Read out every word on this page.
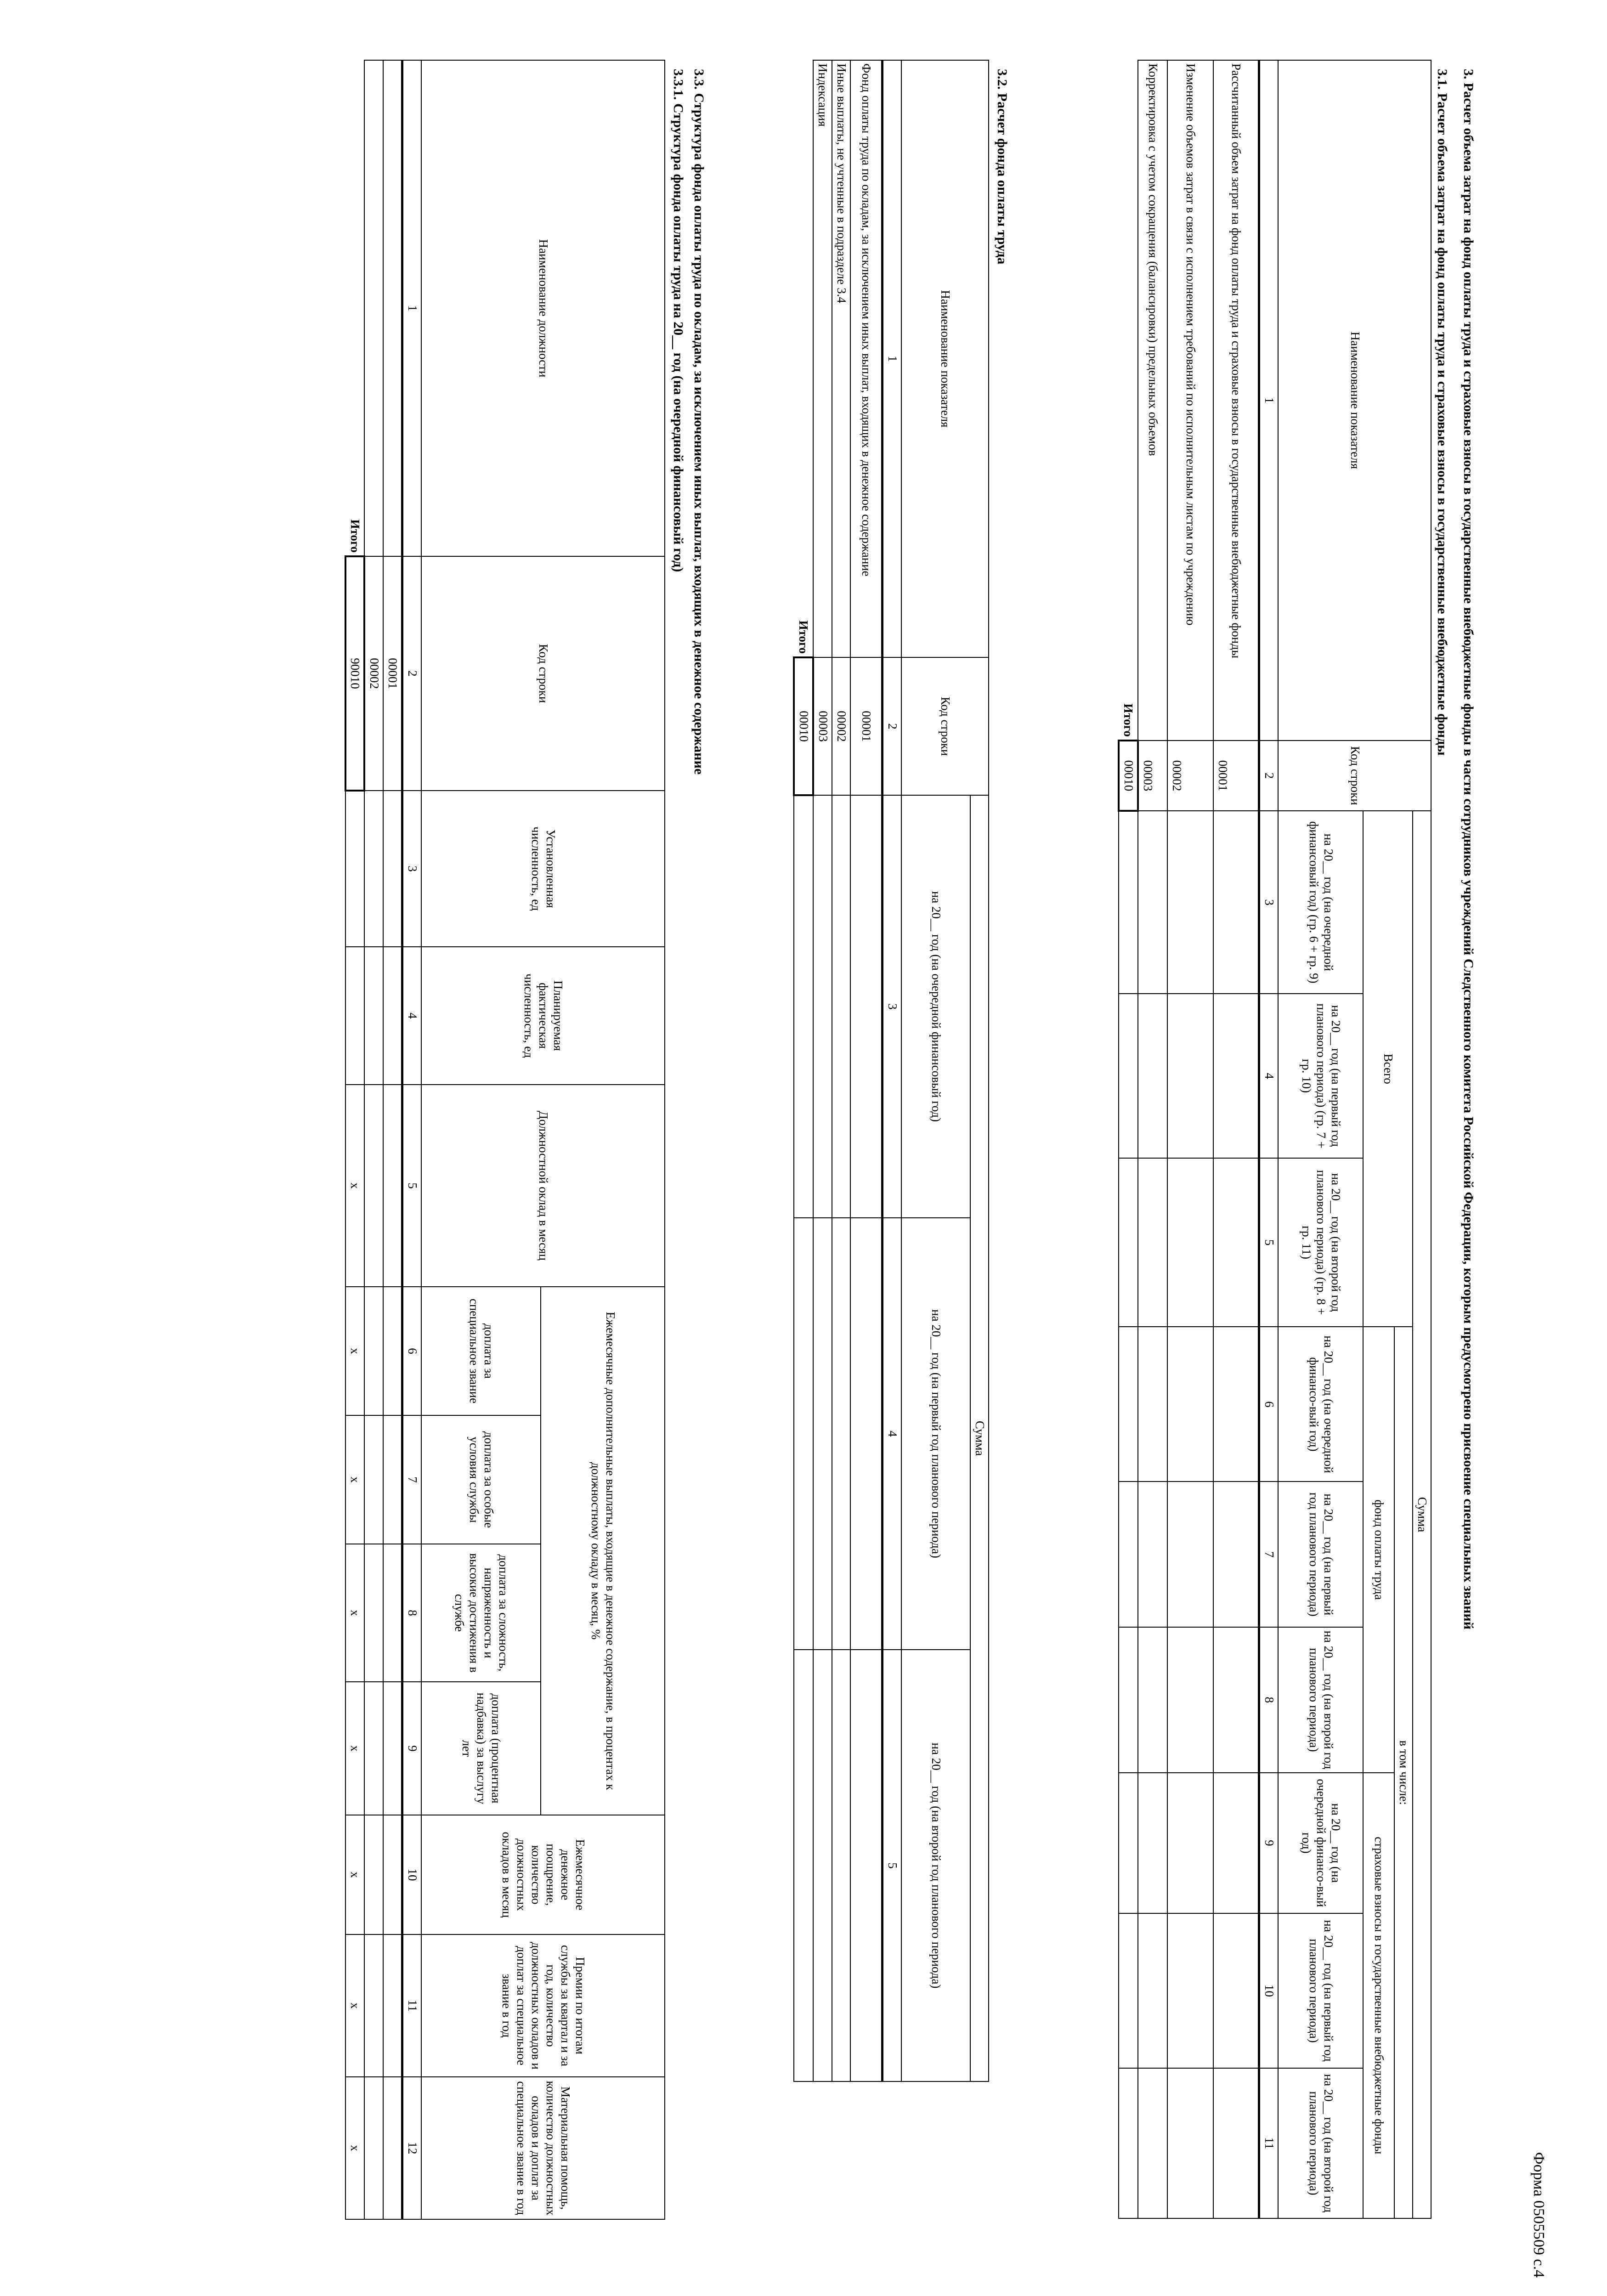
Форма 0505509 с.4
3. Расчет объема затрат на фонд оплаты труда и страховые взносы в государственные внебюджетные фонды в части сотрудников учреждений Следственного комитета Российской Федерации, которым предусмотрено присвоение специальных званий
3.1. Расчет объема затрат на фонд оплаты труда и страховые взносы в государственные внебюджетные фонды
Наименование показателя	Код строки	Сумма								
		Всего			в том числе:					
					фонд оплаты труда			страховые взносы в государственные внебюджетные фонды		
		на 20__ год (на очередной финансовый год) (гр. 6 + гр. 9)	на 20__ год (на первый год планового периода) (гр. 7 + гр. 10)	на 20__ год (на второй год планового периода) (гр. 8 + гр. 11)	на 20__ год (на очередной финансо-вый год)	на 20__ год (на первый год планового периода)	на 20__ год (на второй год планового периода)	на 20__ год (на очередной финансо-вый год)	на 20__ год (на первый год планового периода)	на 20__ год (на второй год планового периода)
1	2	3	4	5	6	7	8	9	10	11
Рассчитанный объем затрат на фонд оплаты труда и страховые взносы в государственные внебюджетные фонды	00001									
Изменение объемов затрат в связи с исполнением требований по исполнительным листам по учреждению	00002									
Корректировка с учетом сокращения (балансировки) предельных объемов	00003									
Итого	00010									
3.2. Расчет фонда оплаты труда
Наименование показателя	Код строки	Сумма		
		на 20__ год (на очередной финансовый год)	на 20__ год (на первый год планового периода)	на 20__ год (на второй год планового периода)
1	2	3	4	5
Фонд оплаты труда по окладам, за исключением иных выплат, входящих в денежное содержание	00001			
Иные выплаты, не учтенные в подразделе 3.4	00002			
Индексация	00003			
Итого	00010			
3.3. Структура фонда оплаты труда по окладам, за исключением иных выплат, входящих в денежное содержание
3.3.1. Структура фонда оплаты труда на 20__ год (на очередной финансовый год)
Наименование должности	Код строки	Установленная численность, ед	Планируемая фактическая численность, ед	Должностной оклад в месяц	Ежемесячные дополнительные выплаты, входящие в денежное содержание, в процентах к должностному окладу в месяц, %				Ежемесячное денежное поощрение, количество должностных окладов в месяц	Премии по итогам службы за квартал и за год, количество должностных окладов и доплат за специальное звание в год	Материальная помощь, количество должностных окладов и доплат за специальное звание в год
					доплата за специальное звание	доплата за особые условия службы	доплата за сложность, напряженность и высокие достижения в службе	доплата (процентная надбавка) за выслугу лет			
1	2	3	4	5	6	7	8	9	10	11	12
	00001										
	00002										
Итого	90010			x	x	x	x	x	x	x	x
